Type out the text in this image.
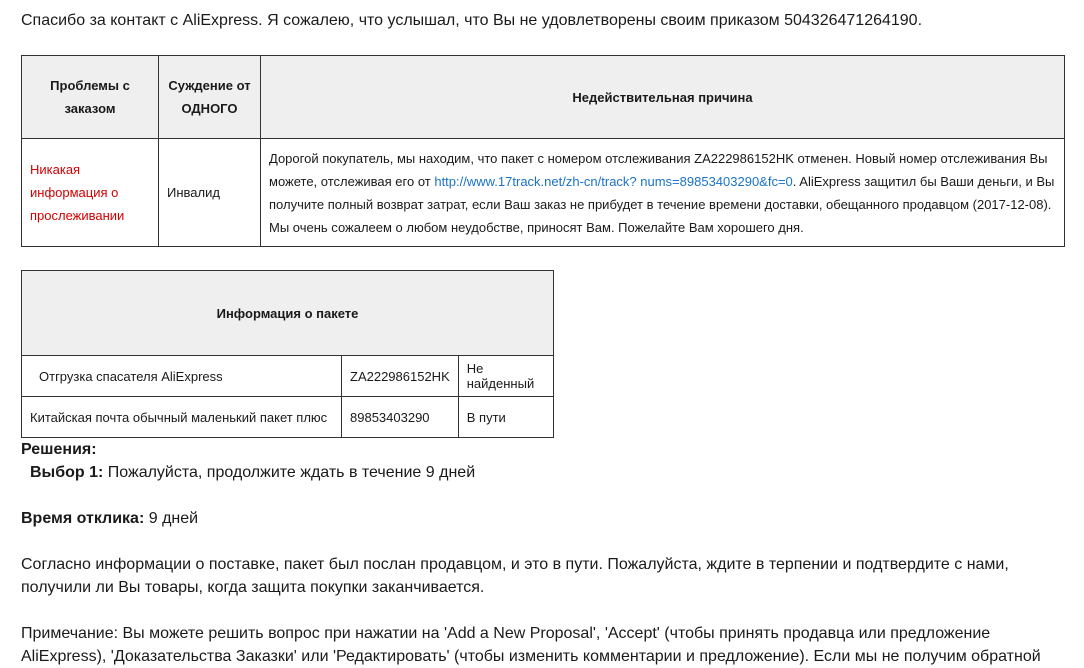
Спасибо за контакт с AliExpress. Я сожалею, что услышал, что Вы не удовлетворены своим приказом 504326471264190.

Проблемы с заказом	Суждение от ОДНОГО	Недействительная причина
Никакая информация о прослеживании	Инвалид	Дорогой покупатель, мы находим, что пакет с номером отслеживания ZA222986152HK отменен. Новый номер отслеживания Вы можете, отслеживая его от http://www.17track.net/zh-cn/track? nums=89853403290&fc=0. AliExpress защитил бы Ваши деньги, и Вы получите полный возврат затрат, если Ваш заказ не прибудет в течение времени доставки, обещанного продавцом (2017-12-08). Мы очень сожалеем о любом неудобстве, приносят Вам. Пожелайте Вам хорошего дня.
Информация о пакете		
Отгрузка спасателя AliExpress	ZA222986152HK	Не найденный
Китайская почта обычный маленький пакет плюс	89853403290	В пути

Решения:

Выбор 1: Пожалуйста, продолжите ждать в течение 9 дней

Время отклика: 9 дней

Согласно информации о поставке, пакет был послан продавцом, и это в пути. Пожалуйста, ждите в терпении и подтвердите с нами, получили ли Вы товары, когда защита покупки заканчивается.

Примечание: Вы можете решить вопрос при нажатии на 'Add a New Proposal', 'Accept' (чтобы принять продавца или предложение AliExpress), 'Доказательства Заказки' или 'Редактировать' (чтобы изменить комментарии и предложение). Если мы не получим обратной
